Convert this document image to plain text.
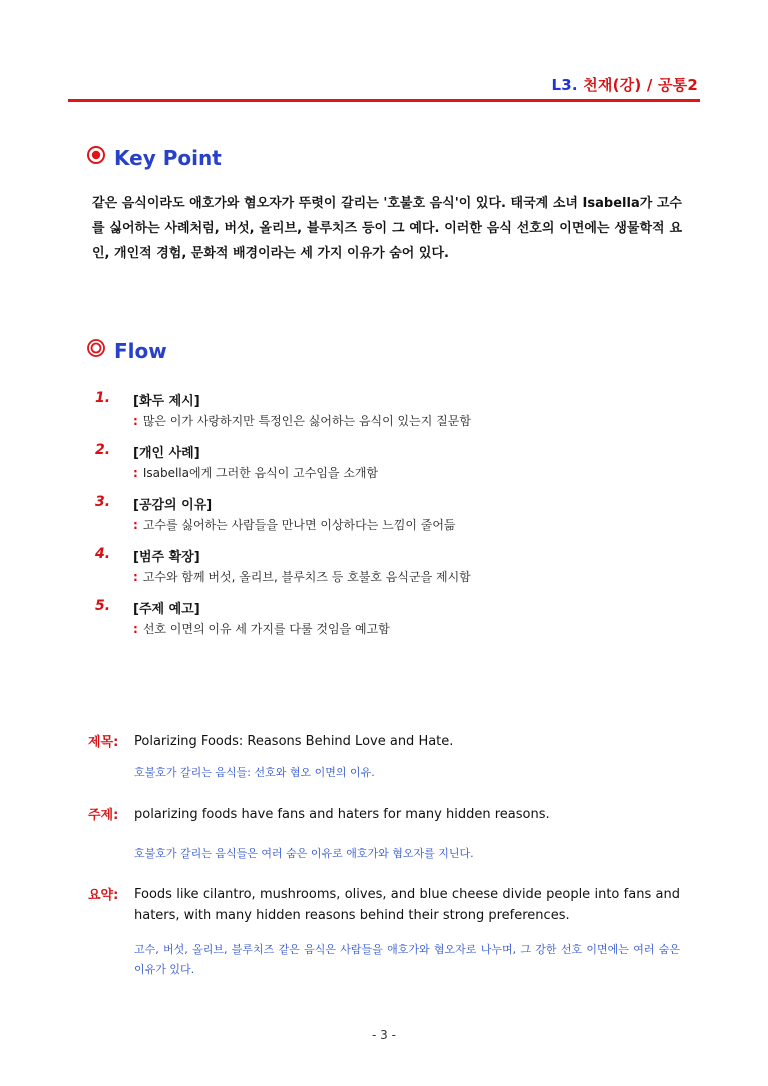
L3. 천재(강) / 공통2
Key Point
같은 음식이라도 애호가와 혐오자가 뚜렷이 갈리는 '호불호 음식'이 있다. 태국계 소녀 Isabella가 고수를 싫어하는 사례처럼, 버섯, 올리브, 블루치즈 등이 그 예다. 이러한 음식 선호의 이면에는 생물학적 요인, 개인적 경험, 문화적 배경이라는 세 가지 이유가 숨어 있다.
Flow
1. [화두 제시]
: 많은 이가 사랑하지만 특정인은 싫어하는 음식이 있는지 질문함
2. [개인 사례]
: Isabella에게 그러한 음식이 고수임을 소개함
3. [공감의 이유]
: 고수를 싫어하는 사람들을 만나면 이상하다는 느낌이 줄어듦
4. [범주 확장]
: 고수와 함께 버섯, 올리브, 블루치즈 등 호불호 음식군을 제시함
5. [주제 예고]
: 선호 이면의 이유 세 가지를 다룰 것임을 예고함
제목: Polarizing Foods: Reasons Behind Love and Hate.
호불호가 갈리는 음식들: 선호와 혐오 이면의 이유.
주제: polarizing foods have fans and haters for many hidden reasons.
호불호가 갈리는 음식들은 여러 숨은 이유로 애호가와 혐오자를 지닌다.
요약: Foods like cilantro, mushrooms, olives, and blue cheese divide people into fans and haters, with many hidden reasons behind their strong preferences.
고수, 버섯, 올리브, 블루치즈 같은 음식은 사람들을 애호가와 혐오자로 나누며, 그 강한 선호 이면에는 여러 숨은 이유가 있다.
- 3 -
